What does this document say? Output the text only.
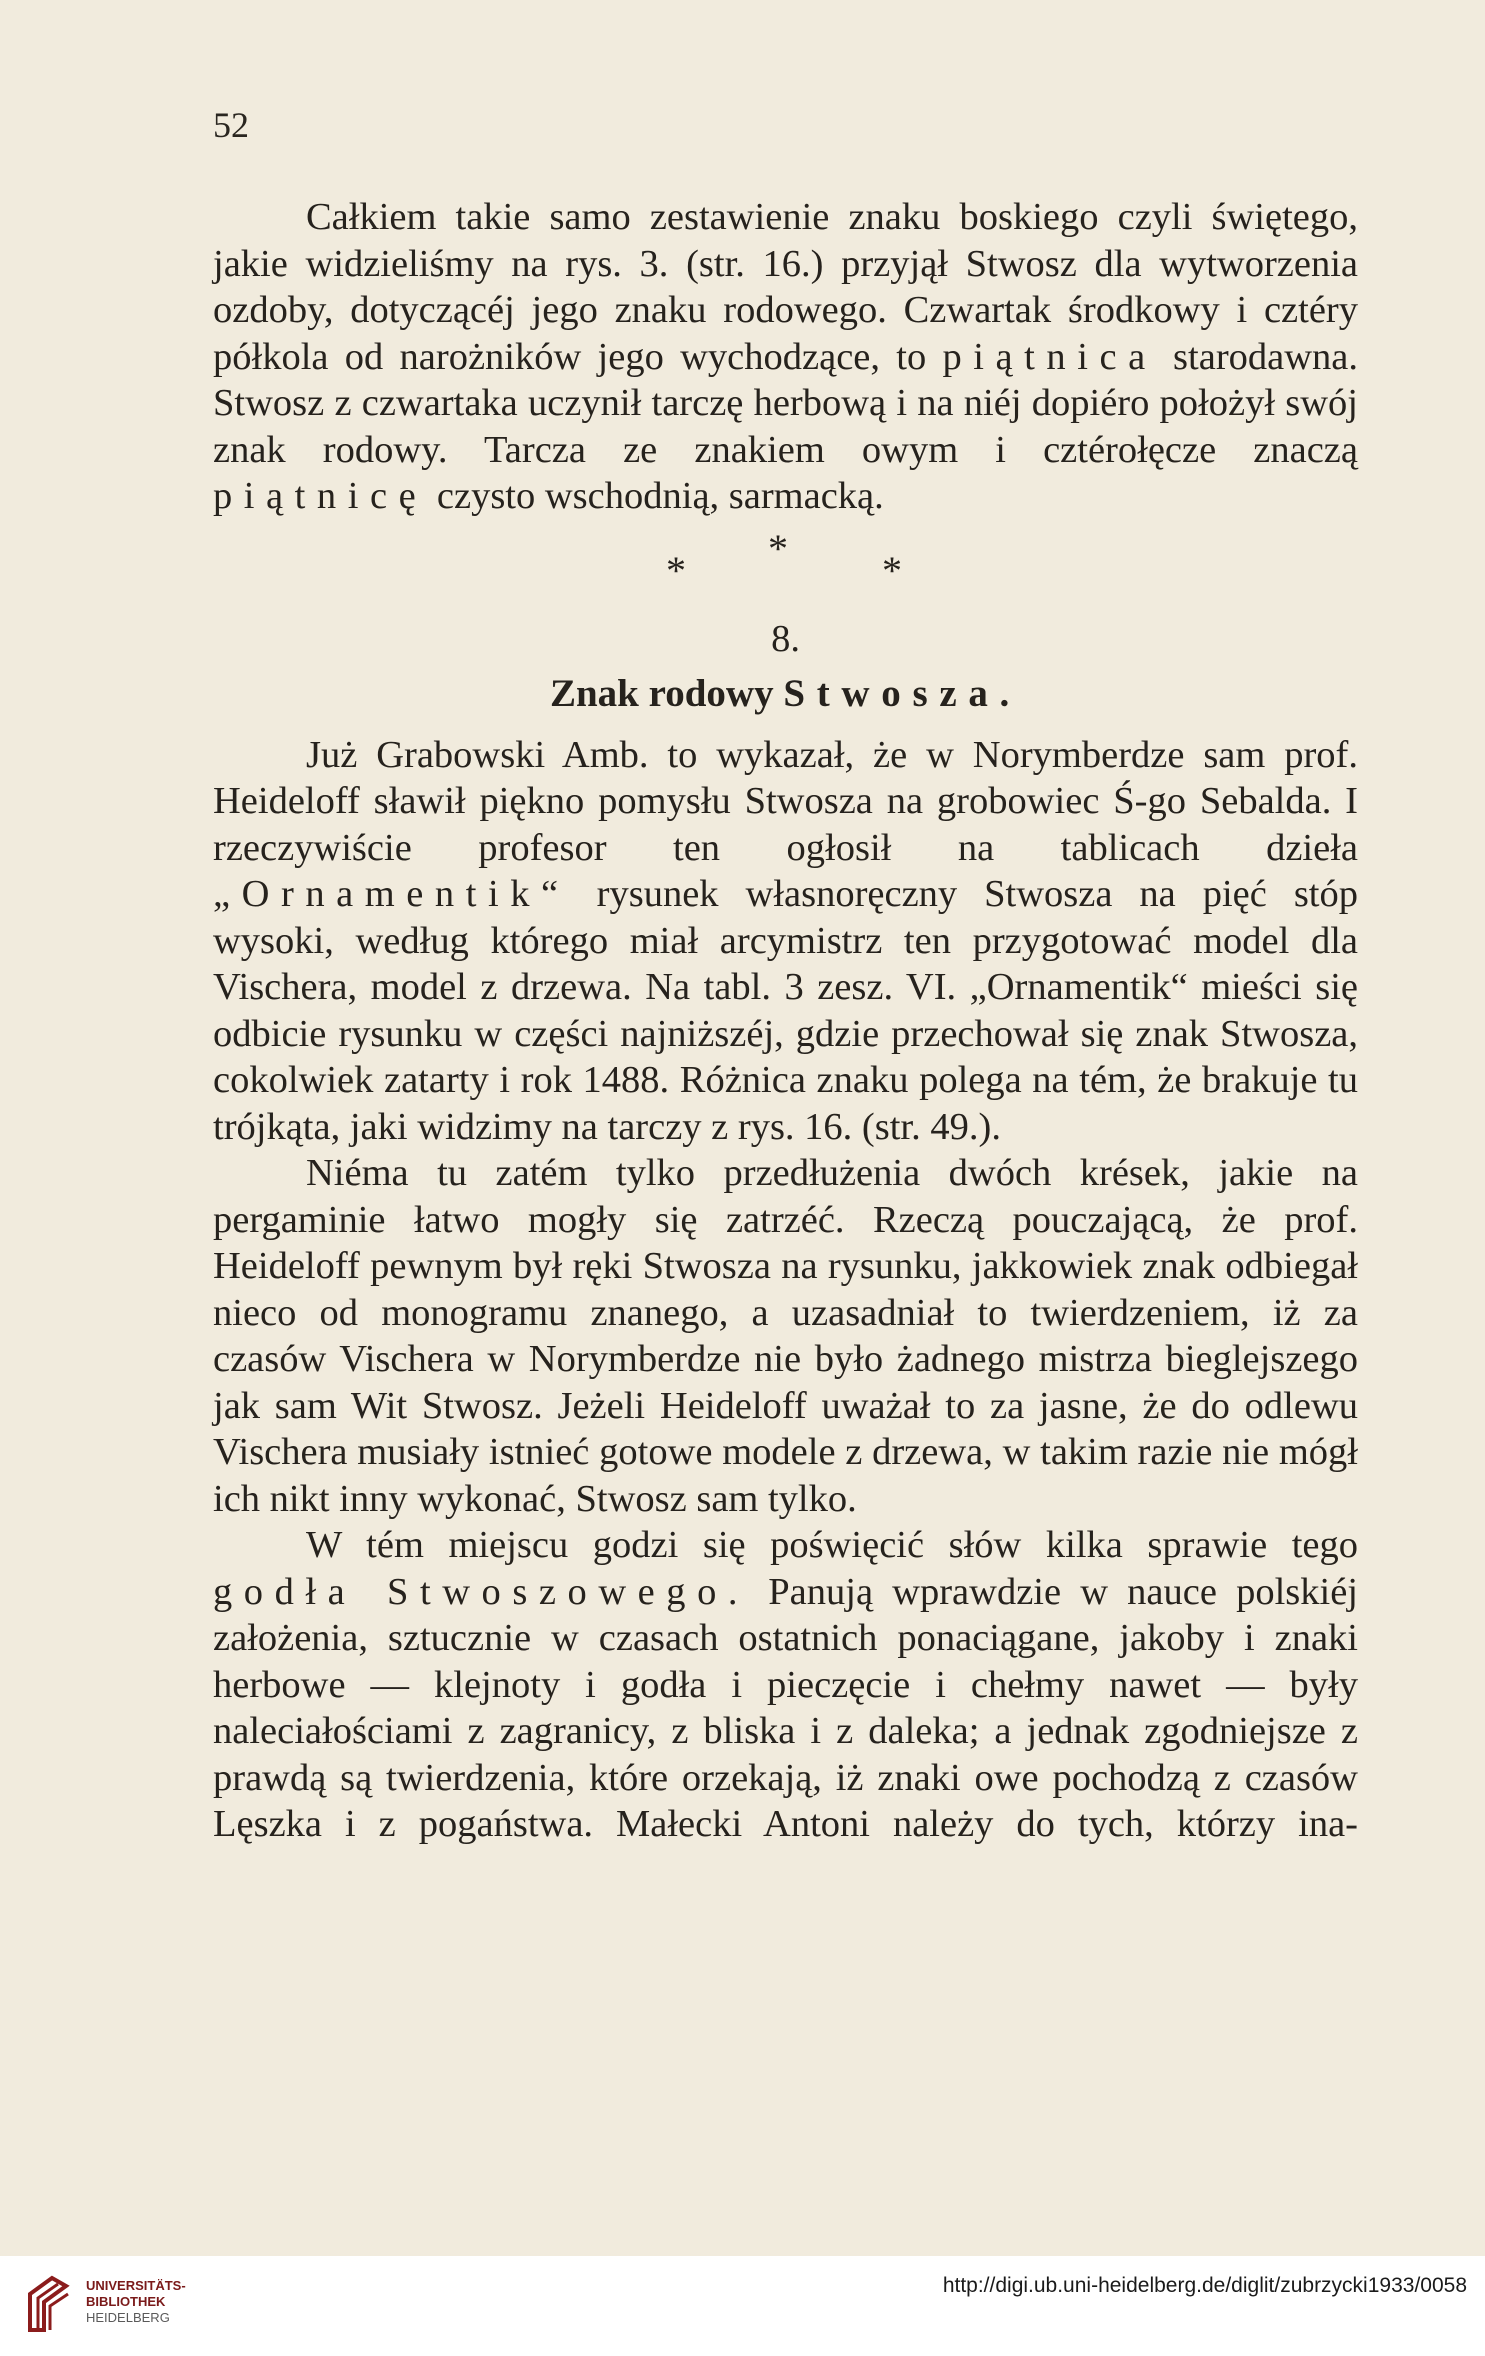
52

Całkiem takie samo zestawienie znaku boskiego czyli świętego, jakie widzieliśmy na rys. 3. (str. 16.) przyjął Stwosz dla wytworzenia ozdoby, dotyczącéj jego znaku rodowego. Czwartak środkowy i cztéry półkola od narożników jego wychodzące, to piątnica starodawna. Stwosz z czwartaka uczynił tarczę herbową i na niéj dopiéro położył swój znak rodowy. Tarcza ze znakiem owym i cztérołęcze znaczą piątnicę czysto wschodnią, sarmacką.

*
*	*

8.

Znak rodowy Stwosza.

Już Grabowski Amb. to wykazał, że w Norymberdze sam prof. Heideloff sławił piękno pomysłu Stwosza na grobowiec Ś-go Sebalda. I rzeczywiście profesor ten ogłosił na tablicach dzieła „Ornamentik“ rysunek własnoręczny Stwosza na pięć stóp wysoki, według którego miał arcymistrz ten przygotować model dla Vischera, model z drzewa. Na tabl. 3 zesz. VI. „Ornamentik“ mieści się odbicie rysunku w części najniższéj, gdzie przechował się znak Stwosza, cokolwiek zatarty i rok 1488. Różnica znaku polega na tém, że brakuje tu trójkąta, jaki widzimy na tarczy z rys. 16. (str. 49.).

Niéma tu zatém tylko przedłużenia dwóch krések, jakie na pergaminie łatwo mogły się zatrzéć. Rzeczą pouczającą, że prof. Heideloff pewnym był ręki Stwosza na rysunku, jakkowiek znak odbiegał nieco od monogramu znanego, a uzasadniał to twierdzeniem, iż za czasów Vischera w Norymberdze nie było żadnego mistrza bieglejszego jak sam Wit Stwosz. Jeżeli Heideloff uważał to za jasne, że do odlewu Vischera musiały istnieć gotowe modele z drzewa, w takim razie nie mógł ich nikt inny wykonać, Stwosz sam tylko.

W tém miejscu godzi się poświęcić słów kilka sprawie tego godła Stwoszowego. Panują wprawdzie w nauce polskiéj założenia, sztucznie w czasach ostatnich ponaciągane, jakoby i znaki herbowe — klejnoty i godła i pieczęcie i chełmy nawet — były naleciałościami z zagranicy, z bliska i z daleka; a jednak zgodniejsze z prawdą są twierdzenia, które orzekają, iż znaki owe pochodzą z czasów Lęszka i z pogaństwa. Małecki Antoni należy do tych, którzy ina-

UNIVERSITÄTS-
BIBLIOTHEK
HEIDELBERG
http://digi.ub.uni-heidelberg.de/diglit/zubrzycki1933/0058
